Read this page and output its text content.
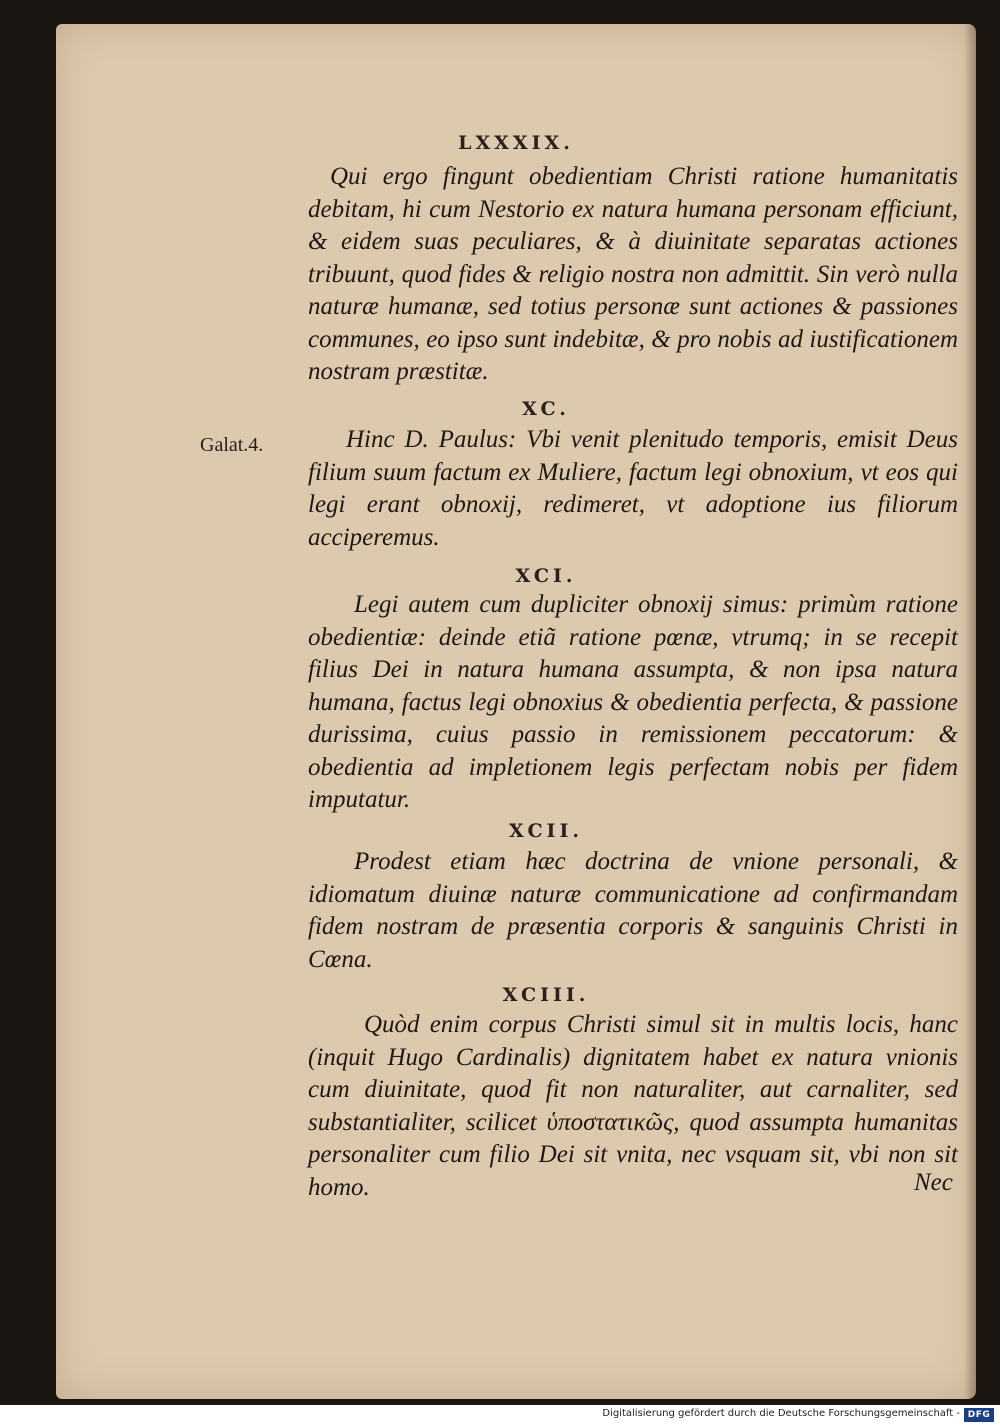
LXXXIX.

Qui ergo fingunt obedientiam Christi ratione humanitatis debitam, hi cum Nestorio ex natura humana personam efficiunt, & eidem suas peculiares, & à diuinitate separatas actiones tribuunt, quod fides & religio nostra non admittit. Sin verò nulla naturæ humanæ, sed totius personæ sunt actiones & passiones communes, eo ipso sunt indebitæ, & pro nobis ad iustificationem nostram præstitæ.

XC.

Hinc D. Paulus: Vbi venit plenitudo temporis, emisit Deus filium suum factum ex Muliere, factum legi obnoxium, vt eos qui legi erant obnoxij, redimeret, vt adoptione ius filiorum acciperemus.

XCI.

Legi autem cum dupliciter obnoxij simus: primùm ratione obedientiæ: deinde etiã ratione pœnæ, vtrumq; in se recepit filius Dei in natura humana assumpta, & non ipsa natura humana, factus legi obnoxius & obedientia perfecta, & passione durissima, cuius passio in remissionem peccatorum: & obedientia ad impletionem legis perfectam nobis per fidem imputatur.

XCII.

Prodest etiam hæc doctrina de vnione personali, & idiomatum diuinæ naturæ communicatione ad confirmandam fidem nostram de præsentia corporis & sanguinis Christi in Cœna.

XCIII.

Quòd enim corpus Christi simul sit in multis locis, hanc (inquit Hugo Cardinalis) dignitatem habet ex natura vnionis cum diuinitate, quod fit non naturaliter, aut carnaliter, sed substantialiter, scilicet ὑποστατικῶς, quod assumpta humanitas personaliter cum filio Dei sit vnita, nec vsquam sit, vbi non sit homo.	Nec
Galat.4.
Digitalisierung gefördert durch die Deutsche Forschungsgemeinschaft - DFG
